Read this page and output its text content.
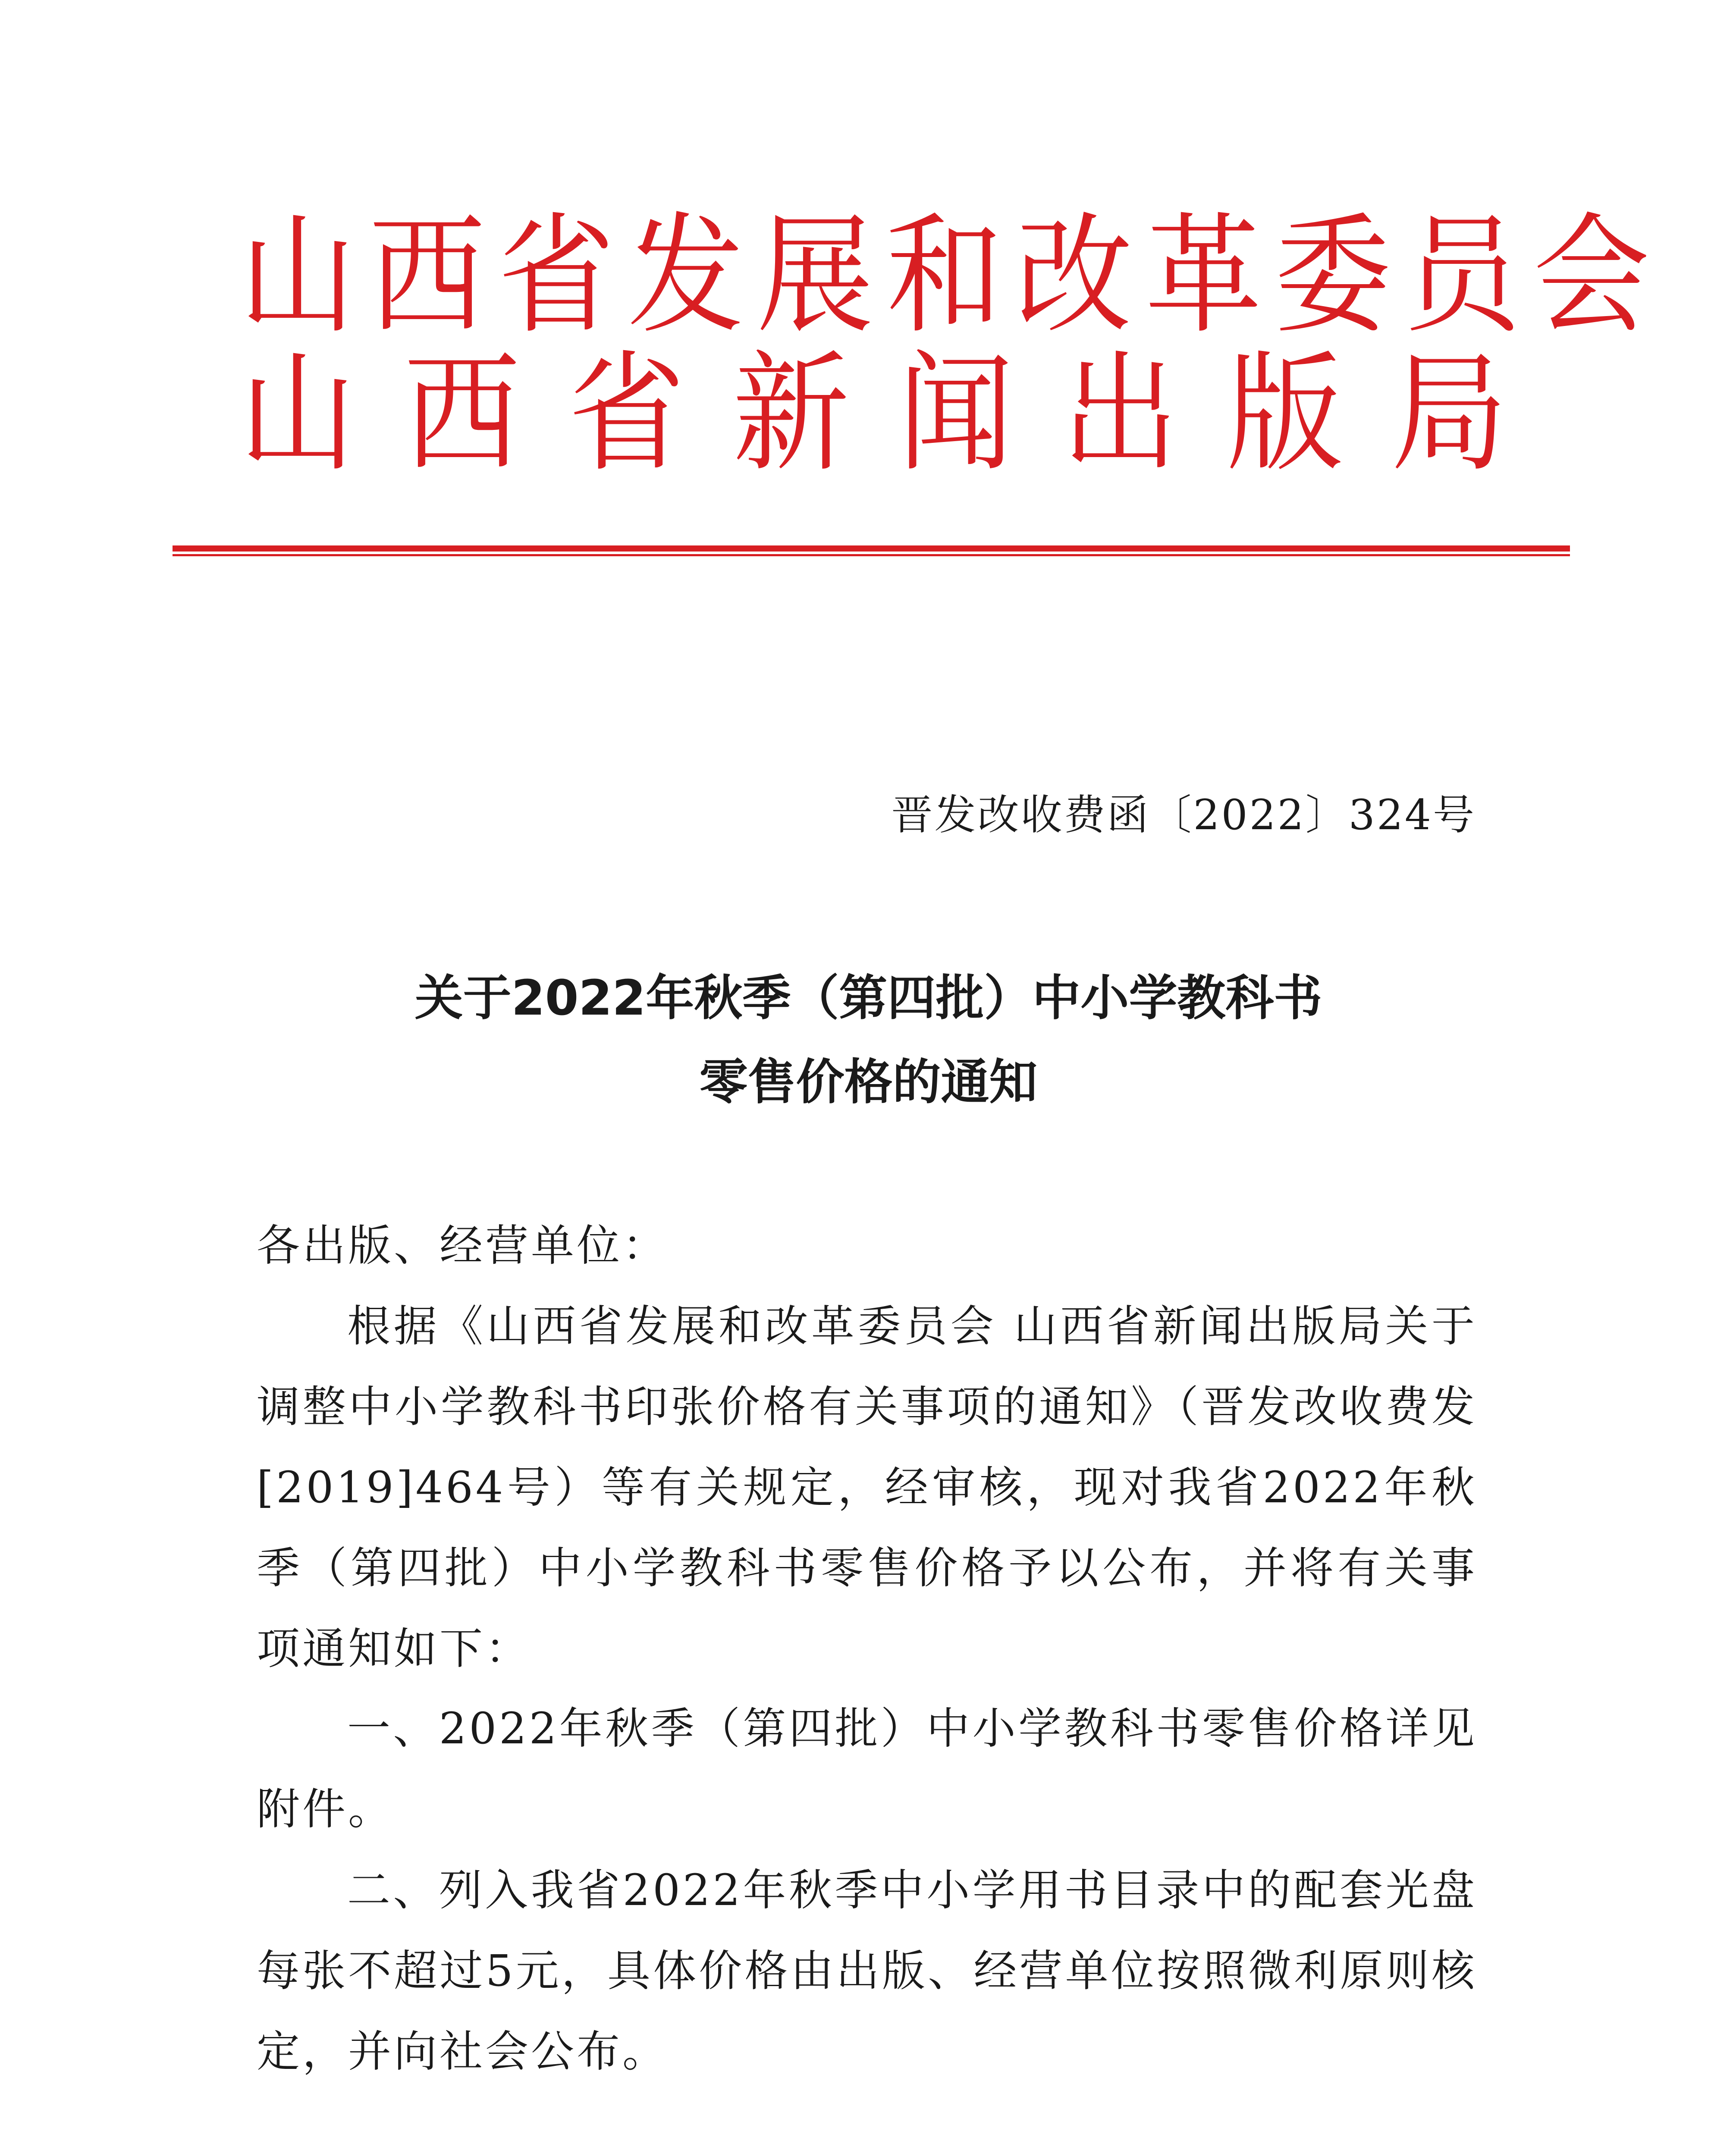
山 西 省 发 展 和 改 革 委 员 会
山 西 省 新 闻 出 版 局
晋发改收费函〔2022〕324号
关于2022年秋季（第四批）中小学教科书
零售价格的通知

各出版、经营单位：

根据《山西省发展和改革委员会 山西省新闻出版局关于调整中小学教科书印张价格有关事项的通知》（晋发改收费发[2019]464号）等有关规定，经审核，现对我省2022年秋季（第四批）中小学教科书零售价格予以公布，并将有关事项通知如下：

一、2022年秋季（第四批）中小学教科书零售价格详见附件。

二、列入我省2022年秋季中小学用书目录中的配套光盘每张不超过5元，具体价格由出版、经营单位按照微利原则核定，并向社会公布。
